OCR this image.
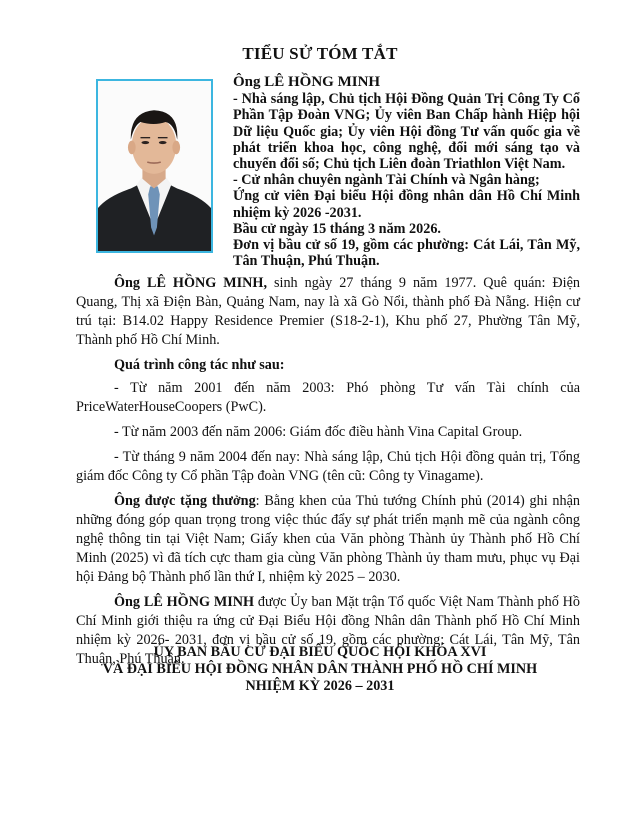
TIỂU SỬ TÓM TẮT
Ông LÊ HỒNG MINH

- Nhà sáng lập, Chủ tịch Hội Đồng Quản Trị Công Ty Cổ Phần Tập Đoàn VNG; Ủy viên Ban Chấp hành Hiệp hội Dữ liệu Quốc gia; Ủy viên Hội đồng Tư vấn quốc gia về phát triển khoa học, công nghệ, đổi mới sáng tạo và chuyển đổi số; Chủ tịch Liên đoàn Triathlon Việt Nam.

- Cử nhân chuyên ngành Tài Chính và Ngân hàng;

Ứng cử viên Đại biểu Hội đồng nhân dân Hồ Chí Minh nhiệm kỳ 2026 -2031.

Bầu cử ngày 15 tháng 3 năm 2026.

Đơn vị bầu cử số 19, gồm các phường: Cát Lái, Tân Mỹ, Tân Thuận, Phú Thuận.

Ông LÊ HỒNG MINH, sinh ngày 27 tháng 9 năm 1977. Quê quán: Điện Quang, Thị xã Điện Bàn, Quảng Nam, nay là xã Gò Nổi, thành phố Đà Nẵng. Hiện cư trú tại: B14.02 Happy Residence Premier (S18-2-1), Khu phố 27, Phường Tân Mỹ, Thành phố Hồ Chí Minh.

Quá trình công tác như sau:

- Từ năm 2001 đến năm 2003: Phó phòng Tư vấn Tài chính của PriceWaterHouseCoopers (PwC).

- Từ năm 2003 đến năm 2006: Giám đốc điều hành Vina Capital Group.

- Từ tháng 9 năm 2004 đến nay: Nhà sáng lập, Chủ tịch Hội đồng quản trị, Tổng giám đốc Công ty Cổ phần Tập đoàn VNG (tên cũ: Công ty Vinagame).

Ông được tặng thưởng: Bằng khen của Thủ tướng Chính phủ (2014) ghi nhận những đóng góp quan trọng trong việc thúc đẩy sự phát triển mạnh mẽ của ngành công nghệ thông tin tại Việt Nam; Giấy khen của Văn phòng Thành ủy Thành phố Hồ Chí Minh (2025) vì đã tích cực tham gia cùng Văn phòng Thành ủy tham mưu, phục vụ Đại hội Đảng bộ Thành phố lần thứ I, nhiệm kỳ 2025 – 2030.

Ông LÊ HỒNG MINH được Ủy ban Mặt trận Tổ quốc Việt Nam Thành phố Hồ Chí Minh giới thiệu ra ứng cử Đại Biểu Hội đồng Nhân dân Thành phố Hồ Chí Minh nhiệm kỳ 2026- 2031, đơn vị bầu cử số 19, gồm các phường: Cát Lái, Tân Mỹ, Tân Thuận, Phú Thuận.

ỦY BAN BẦU CỬ ĐẠI BIỂU QUỐC HỘI KHÓA XVI
VÀ ĐẠI BIỂU HỘI ĐỒNG NHÂN DÂN THÀNH PHỐ HỒ CHÍ MINH
NHIỆM KỲ 2026 – 2031
